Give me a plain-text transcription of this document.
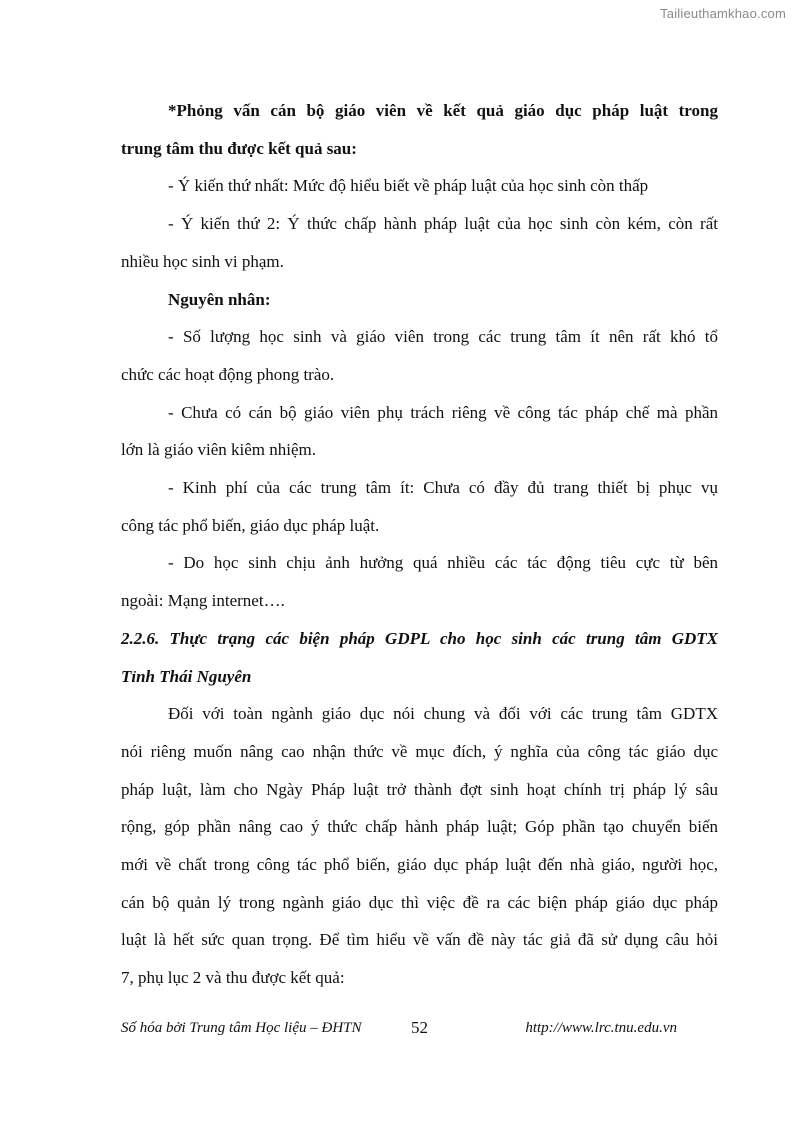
Tailieuthamkhao.com

*Phỏng vấn cán bộ giáo viên về kết quả giáo dục pháp luật trong

trung tâm thu được kết quả sau:

- Ý kiến thứ nhất: Mức độ hiểu biết về pháp luật của học sinh còn thấp

- Ý kiến thứ 2: Ý thức chấp hành pháp luật của học sinh còn kém, còn rất

nhiều học sinh vi phạm.

Nguyên nhân:

- Số lượng học sinh và giáo viên trong các trung tâm ít nên rất khó tổ

chức các hoạt động phong trào.

- Chưa có cán bộ giáo viên phụ trách riêng về công tác pháp chế mà phần

lớn là giáo viên kiêm nhiệm.

- Kinh phí của các trung tâm ít: Chưa có đầy đủ trang thiết bị phục vụ

công tác phổ biến, giáo dục pháp luật.

- Do học sinh chịu ảnh hưởng quá nhiều các tác động tiêu cực từ bên

ngoài: Mạng internet….

2.2.6. Thực trạng các biện pháp GDPL cho học sinh các trung tâm GDTX

Tỉnh Thái Nguyên

Đối với toàn ngành giáo dục nói chung và đối với các trung tâm GDTX

nói riêng muốn nâng cao nhận thức về mục đích, ý nghĩa của công tác giáo dục

pháp luật, làm cho Ngày Pháp luật trở thành đợt sinh hoạt chính trị pháp lý sâu

rộng, góp phần nâng cao ý thức chấp hành pháp luật; Góp phần tạo chuyển biến

mới về chất trong công tác phổ biến, giáo dục pháp luật đến nhà giáo, người học,

cán bộ quản lý trong ngành giáo dục thì việc đề ra các biện pháp giáo dục pháp

luật là hết sức quan trọng. Để tìm hiểu về vấn đề này tác giả đã sử dụng câu hỏi

7, phụ lục 2 và thu được kết quả:

Số hóa bởi Trung tâm Học liệu – ĐHTN	52	http://www.lrc.tnu.edu.vn
